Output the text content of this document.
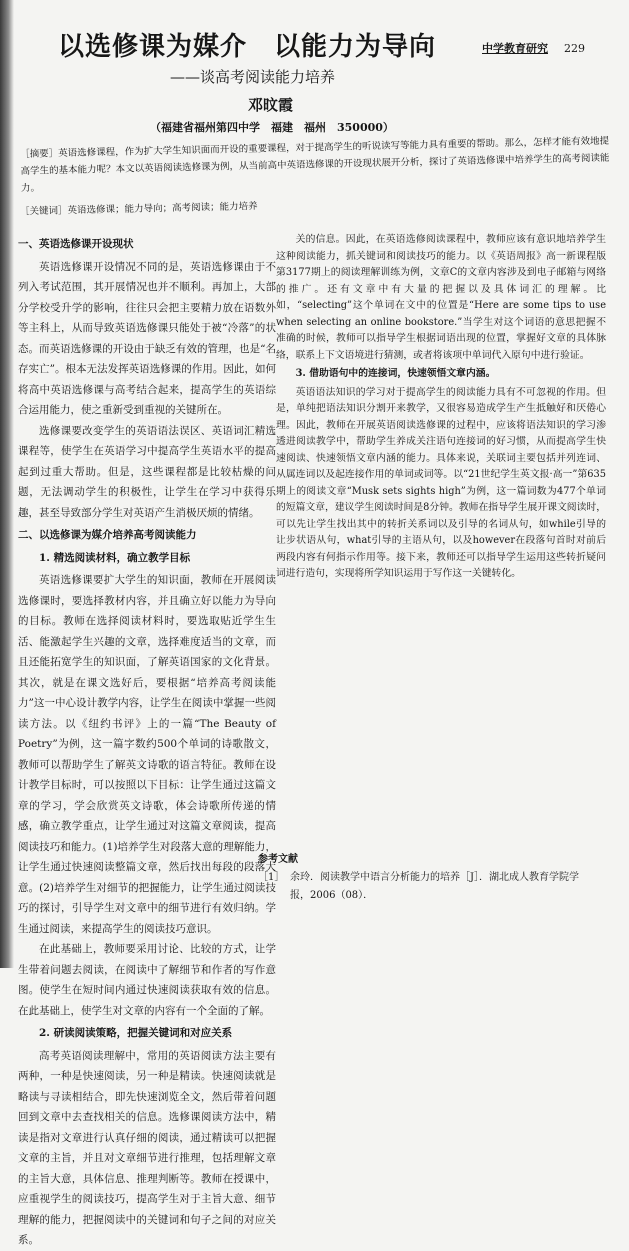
中学教育研究 229
以选修课为媒介　以能力为导向
——谈高考阅读能力培养
邓旼霞
（福建省福州第四中学　福建　福州　350000）
［摘要］英语选修课程，作为扩大学生知识面而开设的重要课程，对于提高学生的听说读写等能力具有重要的帮助。那么，怎样才能有效地提高学生的基本能力呢？本文以英语阅读选修课为例，从当前高中英语选修课的开设现状展开分析，探讨了英语选修课中培养学生的高考阅读能力。
［关键词］英语选修课；能力导向；高考阅读；能力培养
一、英语选修课开设现状

英语选修课开设情况不同的是，英语选修课由于不列入考试范围，其开展情况也并不顺利。再加上，大部分学校受升学的影响，往往只会把主要精力放在语数外等主科上，从而导致英语选修课只能处于被“冷落”的状态。而英语选修课的开设由于缺乏有效的管理，也是“名存实亡”。根本无法发挥英语选修课的作用。因此，如何将高中英语选修课与高考结合起来，提高学生的英语综合运用能力，使之重新受到重视的关键所在。

选修课要改变学生的英语语法误区、英语词汇精选课程等，使学生在英语学习中提高学生英语水平的提高起到过重大帮助。但是，这些课程都是比较枯燥的问题，无法调动学生的积极性，让学生在学习中获得乐趣，甚至导致部分学生对英语产生消极厌烦的情绪。

二、以选修课为媒介培养高考阅读能力
1. 精选阅读材料，确立教学目标

英语选修课要扩大学生的知识面，教师在开展阅读选修课时，要选择教材内容，并且确立好以能力为导向的目标。教师在选择阅读材料时，要选取贴近学生生活、能激起学生兴趣的文章，选择难度适当的文章，而且还能拓宽学生的知识面，了解英语国家的文化背景。其次，就是在课文选好后，要根据“培养高考阅读能力”这一中心设计教学内容，让学生在阅读中掌握一些阅读方法。以《纽约书评》上的一篇“The Beauty of Poetry”为例，这一篇字数约500个单词的诗歌散文，教师可以帮助学生了解英文诗歌的语言特征。教师在设计教学目标时，可以按照以下目标：让学生通过这篇文章的学习，学会欣赏英文诗歌，体会诗歌所传递的情感，确立教学重点，让学生通过对这篇文章阅读，提高阅读技巧和能力。(1)培养学生对段落大意的理解能力，让学生通过快速阅读整篇文章，然后找出每段的段落大意。(2)培养学生对细节的把握能力，让学生通过阅读技巧的探讨，引导学生对文章中的细节进行有效归纳。学生通过阅读，来提高学生的阅读技巧意识。

在此基础上，教师要采用讨论、比较的方式，让学生带着问题去阅读，在阅读中了解细节和作者的写作意图。使学生在短时间内通过快速阅读获取有效的信息。在此基础上，使学生对文章的内容有一个全面的了解。

2. 研读阅读策略，把握关键词和对应关系

高考英语阅读理解中，常用的英语阅读方法主要有两种，一种是快速阅读，另一种是精读。快速阅读就是略读与寻读相结合，即先快速浏览全文，然后带着问题回到文章中去查找相关的信息。选修课阅读方法中，精读是指对文章进行认真仔细的阅读，通过精读可以把握文章的主旨，并且对文章细节进行推理，包括理解文章的主旨大意，具体信息、推理判断等。教师在授课中，应重视学生的阅读技巧，提高学生对于主旨大意、细节理解的能力，把握阅读中的关键词和句子之间的对应关系。

关的信息。因此，在英语选修阅读课程中，教师应该有意识地培养学生这种阅读能力，抓关键词和阅读技巧的能力。以《英语周报》高一新课程版第3177期上的阅读理解训练为例，文章C的文章内容涉及到电子邮箱与网络的推广。还有文章中有大量的把握以及具体词汇的理解。比如，“selecting”这个单词在文中的位置是“Here are some tips to use when selecting an online bookstore.”当学生对这个词语的意思把握不准确的时候，教师可以指导学生根据词语出现的位置，掌握好文章的具体脉络，联系上下文语境进行猜测，或者将该项中单词代入原句中进行验证。

3. 借助语句中的连接词，快速领悟文章内涵。

英语语法知识的学习对于提高学生的阅读能力具有不可忽视的作用。但是，单纯把语法知识分割开来教学，又很容易造成学生产生抵触好和厌倦心理。因此，教师在开展英语阅读选修课的过程中，应该将语法知识的学习渗透进阅读教学中，帮助学生养成关注语句连接词的好习惯，从而提高学生快速阅读、快速领悟文章内涵的能力。具体来说，关联词主要包括并列连词、从属连词以及起连接作用的单词或词等。以“21世纪学生英文报·高一”第635期上的阅读文章“Musk sets sights high”为例，这一篇词数为477个单词的短篇文章，建议学生阅读时间是8分钟。教师在指导学生展开课文阅读时，可以先让学生找出其中的转折关系词以及引导的名词从句，如while引导的让步状语从句，what引导的主语从句，以及however在段落句首时对前后两段内容有何指示作用等。接下来，教师还可以指导学生运用这些转折疑问词进行造句，实现将所学知识运用于写作这一关键转化。

参考文献
［1］ 余玲．阅读教学中语言分析能力的培养［J］．湖北成人教育学院学报，2006（08）．
